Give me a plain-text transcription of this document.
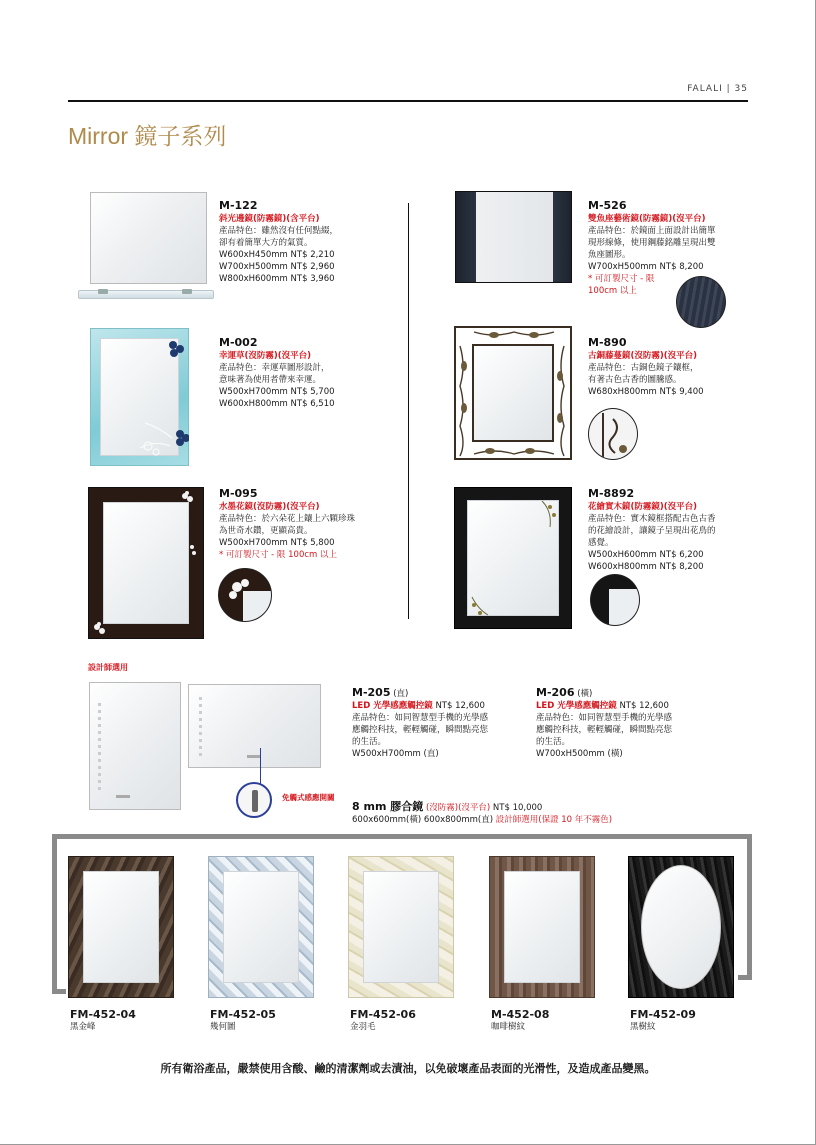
FALALI | 35
Mirror 鏡子系列
M-122
斜光邊鏡(防霧鏡)(含平台)
產品特色：雖然沒有任何點綴，
卻有着簡單大方的氣質。
W600xH450mm NT$ 2,210
W700xH500mm NT$ 2,960
W800xH600mm NT$ 3,960
M-002
幸運草(沒防霧)(沒平台)
產品特色：幸運草圖形設計，
意味著為使用者帶來幸運。
W500xH700mm NT$ 5,700
W600xH800mm NT$ 6,510
M-095
水墨花鏡(沒防霧)(沒平台)
產品特色：於六朵花上鑲上六顆珍珠
為世奇水鑽，更顯高貴。
W500xH700mm NT$ 5,800
* 可訂製尺寸 - 限 100cm 以上
M-526
雙魚座藝術鏡(防霧鏡)(沒平台)
產品特色：於鏡面上面設計出簡單
現形線條，使用鋼藤銘雕呈現出雙
魚座圖形。
W700xH500mm NT$ 8,200
* 可訂製尺寸 - 限 100cm 以上
M-890
古銅藤蔓鏡(沒防霧)(沒平台)
產品特色：古銅色鏡子鑲框，
有著古色古香的圖騰感。
W680xH800mm NT$ 9,400
M-8892
花繪實木鏡(防霧鏡)(沒平台)
產品特色：實木鏡框搭配古色古香
的花繪設計，讓鏡子呈現出花鳥的
感覺。
W500xH600mm NT$ 6,200
W600xH800mm NT$ 8,200
設計師選用
免觸式感應開關
M-205 (直)
LED 光學感應觸控鏡 NT$ 12,600
產品特色：如同智慧型手機的光學感
應觸控科技，輕輕觸碰，瞬間點亮您
的生活。
W500xH700mm (直)
M-206 (橫)
LED 光學感應觸控鏡 NT$ 12,600
產品特色：如同智慧型手機的光學感
應觸控科技，輕輕觸碰，瞬間點亮您
的生活。
W700xH500mm (橫)
8 mm 膠合鏡 (沒防霧)(沒平台) NT$ 10,000
600x600mm(橫) 600x800mm(直) 設計師選用(保證 10 年不霧色)
FM-452-04
黑金峰
FM-452-05
幾何圖
FM-452-06
金羽毛
M-452-08
咖啡樹紋
FM-452-09
黑樹紋
所有衛浴產品，嚴禁使用含酸、鹼的清潔劑或去漬油，以免破壞產品表面的光滑性，及造成產品變黑。
